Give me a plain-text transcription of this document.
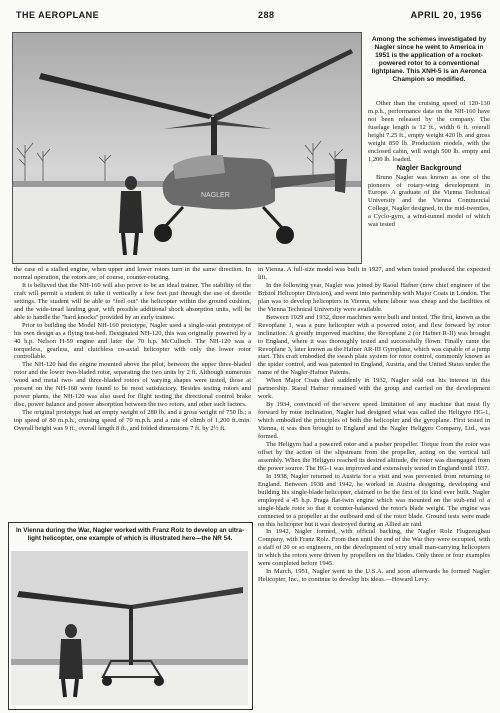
THE AEROPLANE	288	APRIL 20, 1956
NAGLER
Among the schemes investigated by Nagler since he went to America in 1951 is the application of a rocket-powered rotor to a conventional lightplane. This XNH-5 is an Aeronca Champion so modified.

Other than the cruising speed of 120-130 m.p.h., performance data on the NH-160 have not been released by the company. The fuselage length is 12 ft., width 6 ft. overall height 7.25 ft., empty weight 420 lb. and gross weight 850 lb. Production models, with the enclosed cabin, will weigh 500 lb. empty and 1,200 lb. loaded.

Nagler Background

Bruno Nagler was known as one of the pioneers of rotary-wing development in Europe. A graduate of the Vienna Technical University and the Vienna Commercial College, Nagler designed, in the mid-twenties, a Cyclo-gyro, a wind-tunnel model of which was tested

the case of a stalled engine, when upper and lower rotors turn in the same direction. In normal operation, the rotors are, of course, counter-rotating.

It is believed that the NH-160 will also prove to be an ideal trainer. The stability of the craft will permit a student to take it vertically a few feet just through the use of throttle settings. The student will be able to "feel out" the helicopter within the ground cushion, and the wide-tread landing gear, with possible additional shock absorption units, will be able to handle the "hard knocks" provided by an early trainee.

Prior to building the Model NH-160 prototype, Nagler used a single-seat prototype of his own design as a flying test-bed. Designated NH-120, this was originally powered by a 40 h.p. Nelson H-59 engine and later the 70 h.p. McCulloch. The NH-120 was a torqueless, gearless, and clutchless co-axial helicopter with only the lower rotor controllable.

The NH-120 had the engine mounted above the pilot, between the upper three-bladed rotor and the lower two-bladed rotor, separating the two units by 2 ft. Although numerous wood and metal two- and three-bladed rotors of varying shapes were tested, those at present on the NH-160 were found to be most satisfactory. Besides testing rotors and power plants, the NH-120 was also used for flight testing the directional control brake disc, power balance and power absorption between the two rotors, and other such factors.

The original prototype had an empty weight of 280 lb. and a gross weight of 750 lb.; a top speed of 80 m.p.h., cruising speed of 70 m.p.h. and a rate of climb of 1,200 ft./min. Overall height was 9 ft., overall length 8 ft., and folded dimensions 7 ft. by 2½ ft.

In Vienna during the War, Nagler worked with Franz Rolz to develop an ultra-light helicopter, one example of which is illustrated here—the NR 54.

in Vienna. A full-size model was built in 1927, and when tested produced the expected lift.

In the following year, Nagler was joined by Raoul Hafner (now chief engineer of the Bristol Helicopter Division), and went into partnership with Major Coats in London. The plan was to develop helicopters in Vienna, where labour was cheap and the facilities of the Vienna Technical University were available.

Between 1929 and 1932, three machines were built and tested. The first, known as the Revoplane 1, was a pure helicopter with a powered rotor, and flew forward by rotor inclination. A greatly improved machine, the Revoplane 2 (or Hafner R-II) was brought to England, where it was thoroughly tested and successfully flown. Finally came the Revoplane 3, later known as the Hafner AR-III Gyroplane, which was capable of a jump start. This craft embodied the swash plate system for rotor control, commonly known as the spider control, and was patented in England, Austria, and the United States under the name of the Nagler-Hafner Patents.

When Major Coats died suddenly in 1932, Nagler sold out his interest in this partnership. Raoul Hafner remained with the group and carried on the development work.

By 1934, convinced of the severe speed limitation of any machine that must fly forward by rotor inclination, Nagler had designed what was called the Heligyro HG-1, which embodied the principles of both the helicopter and the gyroplane. First tested in Vienna, it was then brought to England and the Nagler Heligyro Company, Ltd., was formed.

The Heligyro had a powered rotor and a pusher propeller. Torque from the rotor was offset by the action of the slipstream from the propeller, acting on the vertical tail assembly. When the Heligyro reached its desired altitude, the rotor was disengaged from the power source. The HG-1 was improved and extensively tested in England until 1937.

In 1938, Nagler returned to Austria for a visit and was prevented from returning to England. Between 1938 and 1942, he worked in Austria designing, developing and building his single-blade helicopter, claimed to be the first of its kind ever built. Nagler employed a 45 h.p. Praga flat-twin engine which was mounted on the stub-end of a single-blade rotor so that it counter-balanced the rotor's blade weight. The engine was connected to a propeller at the outboard end of the rotor blade. Ground tests were made on this helicopter but it was destroyed during an Allied air raid.

In 1942, Nagler formed, with official backing, the Nagler Rolz Flugzeugbau Company, with Franz Rolz. From then until the end of the War they were occupied, with a staff of 20 or so engineers, on the development of very small man-carrying helicopters in which the rotors were driven by propellers on the blades. Only three or four examples were completed before 1945.

In March, 1951, Nagler went to the U.S.A. and soon afterwards he formed Nagler Helicopter, Inc., to continue to develop his ideas.—Howard Levy.
